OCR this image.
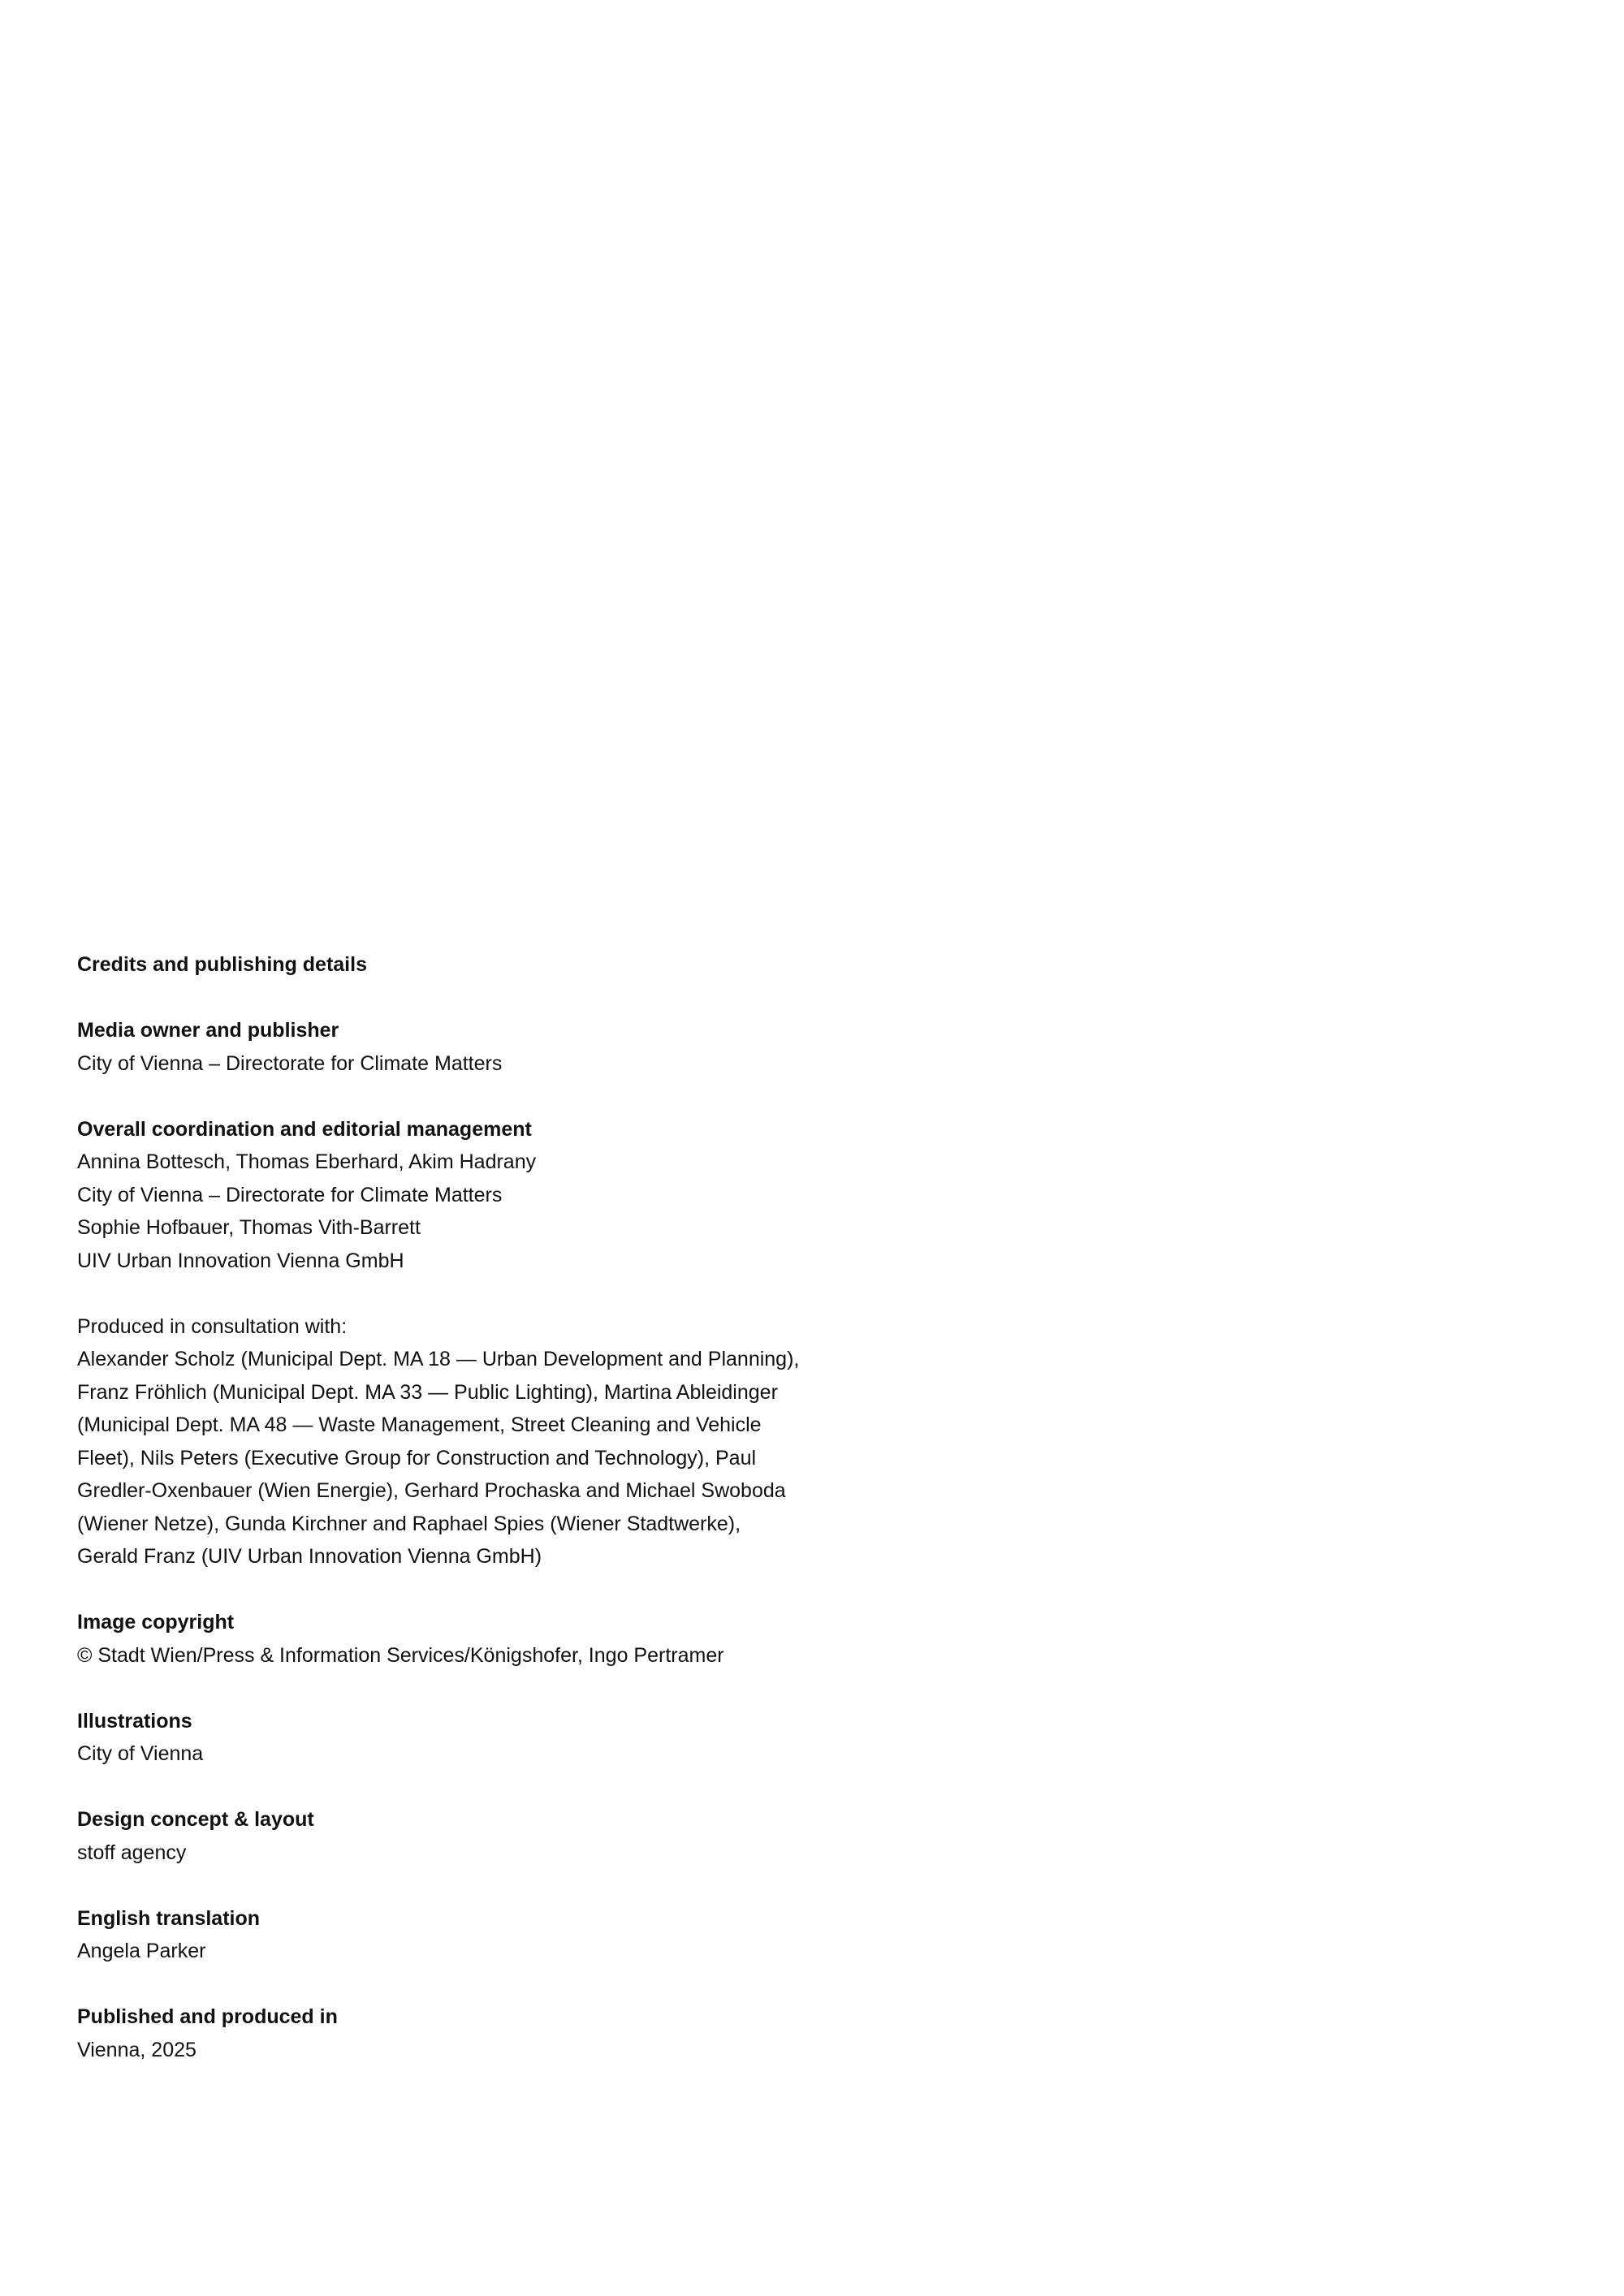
Credits and publishing details

Media owner and publisher

City of Vienna – Directorate for Climate Matters

Overall coordination and editorial management

Annina Bottesch, Thomas Eberhard, Akim Hadrany
City of Vienna – Directorate for Climate Matters
Sophie Hofbauer, Thomas Vith-Barrett
UIV Urban Innovation Vienna GmbH
Produced in consultation with:
Alexander Scholz (Municipal Dept. MA 18 — Urban Development and Planning),
Franz Fröhlich (Municipal Dept. MA 33 — Public Lighting), Martina Ableidinger
(Municipal Dept. MA 48 — Waste Management, Street Cleaning and Vehicle
Fleet), Nils Peters (Executive Group for Construction and Technology), Paul
Gredler-Oxenbauer (Wien Energie), Gerhard Prochaska and Michael Swoboda
(Wiener Netze), Gunda Kirchner and Raphael Spies (Wiener Stadtwerke),
Gerald Franz (UIV Urban Innovation Vienna GmbH)

Image copyright

© Stadt Wien/Press & Information Services/Königshofer, Ingo Pertramer

Illustrations

City of Vienna

Design concept & layout

stoff agency

English translation

Angela Parker

Published and produced in

Vienna, 2025
